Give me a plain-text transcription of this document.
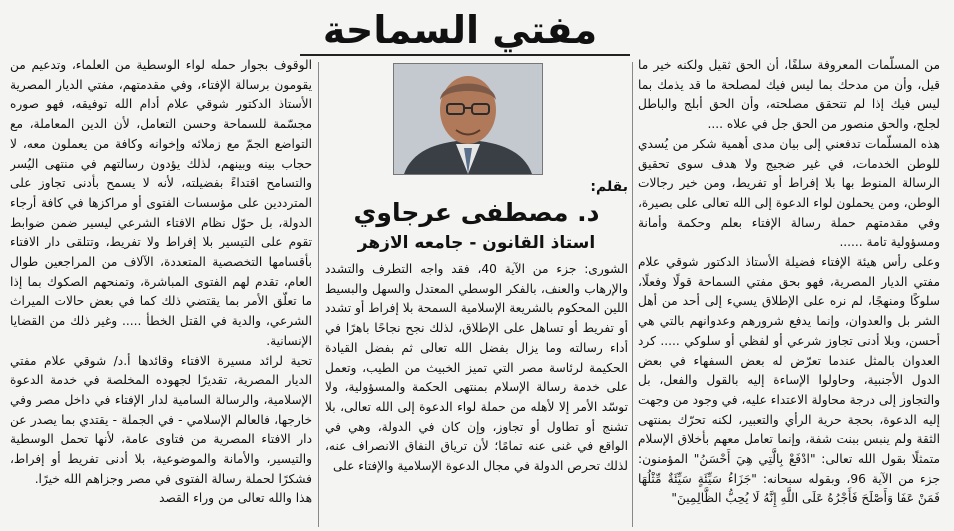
مفتي السماحة

من المسلّمات المعروفة سلفًا، أن الحق ثقيل ولكنه خير ما قيل، وأن من مدحك بما ليس فيك لمصلحة ما قد يذمك بما ليس فيك إذا لم تتحقق مصلحته، وأن الحق أبلج والباطل لجلج، والحق منصور من الحق جل في علاه ....

هذه المسلّمات تدفعني إلى بيان مدى أهمية شكر من يُسدي للوطن الخدمات، في غير ضجيج ولا هدف سوى تحقيق الرسالة المنوط بها بلا إفراط أو تفريط، ومن خير رجالات الوطن، ومن يحملون لواء الدعوة إلى الله تعالى على بصيرة، وفي مقدمتهم حملة رسالة الإفتاء بعلم وحكمة وأمانة ومسؤولية تامة ......

وعلى رأس هيئة الإفتاء فضيلة الأستاذ الدكتور شوقي علام مفتي الديار المصرية، فهو بحق مفتي السماحة قولًا وفعلًا، سلوكًا ومنهجًا، لم نره على الإطلاق يسيء إلى أحد من أهل الشر بل والعدوان، وإنما يدفع شرورهم وعدوانهم بالتي هي أحسن، وبلا أدنى تجاوز شرعي أو لفظي أو سلوكي ..... كرد العدوان بالمثل عندما تعرّض له بعض السفهاء في بعض الدول الأجنبية، وحاولوا الإساءة إليه بالقول والفعل، بل والتجاوز إلى درجة محاولة الاعتداء عليه، في وجود من وجهت إليه الدعوة، بحجة حرية الرأي والتعبير، لكنه تحرّك بمنتهى الثقة ولم ينبس ببنت شفة، وإنما تعامل معهم بأخلاق الإسلام متمثلًا بقول الله تعالى: "ادْفَعْ بِالَّتِي هِيَ أَحْسَنُ" المؤمنون: جزء من الآية 96، وبقوله سبحانه: "جَزَاءُ سَيِّئَةٍ سَيِّئَةٌ مِّثْلُهَا فَمَنْ عَفَا وَأَصْلَحَ فَأَجْرُهُ عَلَى اللَّهِ إِنَّهُ لَا يُحِبُّ الظَّالِمِينَ"

بقلم:
د. مصطفى عرجاوي
استاذ القانون - جامعه الازهر

الشورى: جزء من الآية 40، فقد واجه التطرف والتشدد والإرهاب والعنف، بالفكر الوسطي المعتدل والسهل والبسيط اللين المحكوم بالشريعة الإسلامية السمحة بلا إفراط أو تشدد أو تفريط أو تساهل على الإطلاق، لذلك نجح نجاحًا باهرًا في أداء رسالته وما يزال بفضل الله تعالى ثم بفضل القيادة الحكيمة لرئاسة مصر التي تميز الخبيث من الطيب، وتعمل على خدمة رسالة الإسلام بمنتهى الحكمة والمسؤولية، ولا توسّد الأمر إلا لأهله من حملة لواء الدعوة إلى الله تعالى، بلا تشنج أو تطاول أو تجاوز، وإن كان في الدولة، وهي في الواقع في غنى عنه تمامًا؛ لأن ترياق النفاق الانصراف عنه، لذلك تحرص الدولة في مجال الدعوة الإسلامية والإفتاء على

الوقوف بجوار حمله لواء الوسطية من العلماء، وتدعيم من يقومون برسالة الإفتاء، وفي مقدمتهم، مفتي الديار المصرية الأستاذ الدكتور شوقي علام أدام الله توفيقه، فهو صوره مجسّمة للسماحة وحسن التعامل، لأن الدين المعاملة، مع التواضع الجمّ مع زملائه وإخوانه وكافة من يعملون معه، لا حجاب بينه وبينهم، لذلك يؤدون رسالتهم في منتهى اليُسر والتسامح اقتداءً بفضيلته، لأنه لا يسمح بأدنى تجاوز على المترددين على مؤسسات الفتوى أو مراكزها في كافة أرجاء الدولة، بل حوّل نظام الافتاء الشرعي ليسير ضمن ضوابط تقوم على التيسير بلا إفراط ولا تفريط، وتتلقى دار الافتاء بأقسامها التخصصية المتعددة، الآلاف من المراجعين طوال العام، تقدم لهم الفتوى المباشرة، وتمنحهم الصكوك بما إذا ما تعلّق الأمر بما يقتضي ذلك كما في بعض حالات الميراث الشرعي، والدية في القتل الخطأ ..... وغير ذلك من القضايا الإنسانية.

تحية لرائد مسيرة الافتاء وقائدها أ.د/ شوقي علام مفتي الديار المصرية، تقديرًا لجهوده المخلصة في خدمة الدعوة الإسلامية، والرسالة السامية لدار الإفتاء في داخل مصر وفي خارجها، فالعالم الإسلامي - في الجملة - يقتدي بما يصدر عن دار الافتاء المصرية من فتاوى عامة، لأنها تحمل الوسطية والتيسير، والأمانة والموضوعية، بلا أدنى تفريط أو إفراط، فشكرًا لحملة رسالة الفتوى في مصر وجزاهم الله خيرًا.

هذا والله تعالى من وراء القصد
